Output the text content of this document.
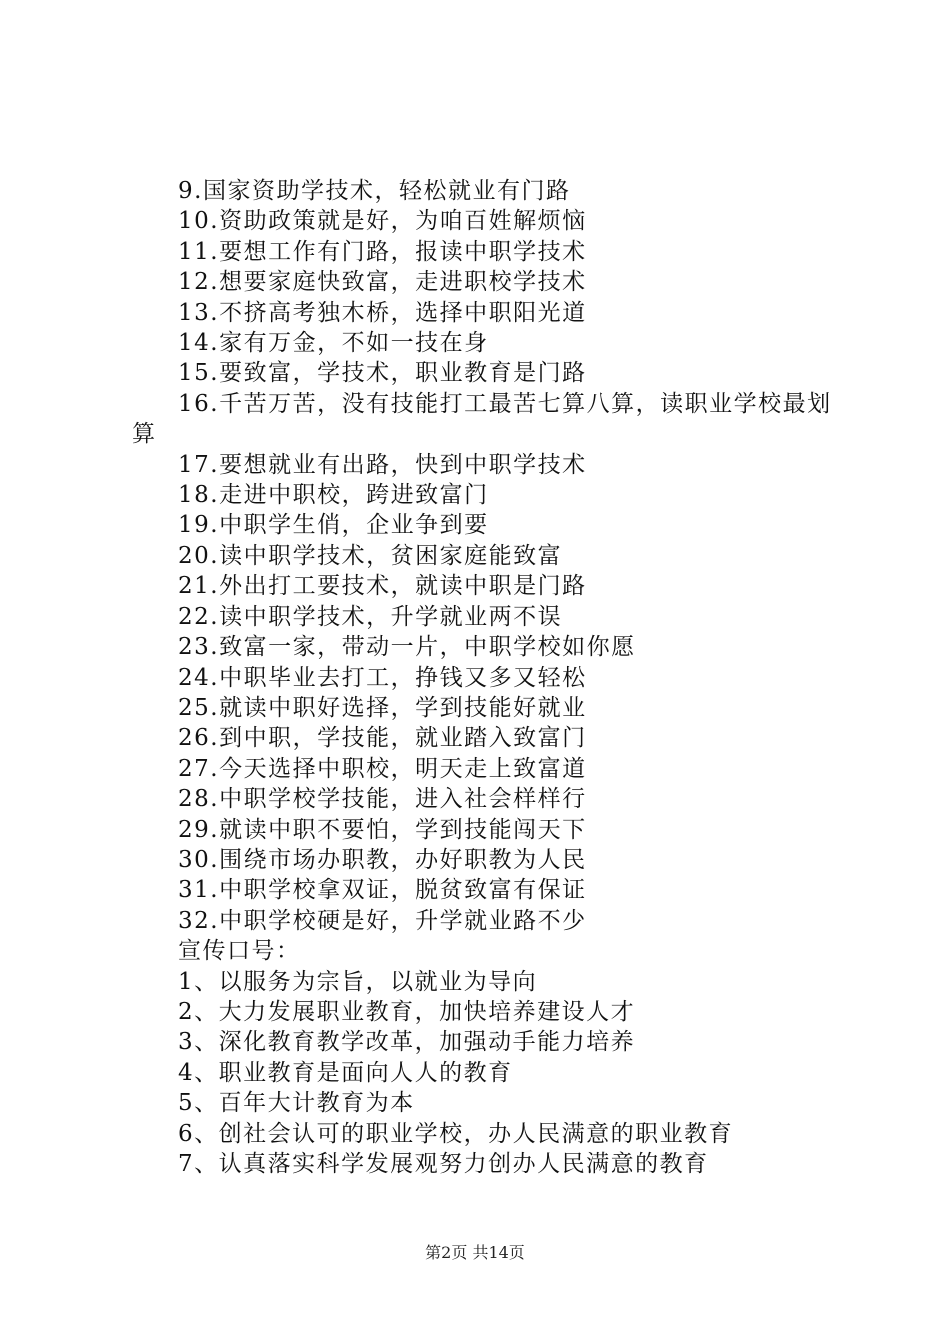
9.国家资助学技术，轻松就业有门路
10.资助政策就是好，为咱百姓解烦恼
11.要想工作有门路，报读中职学技术
12.想要家庭快致富，走进职校学技术
13.不挤高考独木桥，选择中职阳光道
14.家有万金，不如一技在身
15.要致富，学技术，职业教育是门路
16.千苦万苦，没有技能打工最苦七算八算，读职业学校最划算
17.要想就业有出路，快到中职学技术
18.走进中职校，跨进致富门
19.中职学生俏，企业争到要
20.读中职学技术，贫困家庭能致富
21.外出打工要技术，就读中职是门路
22.读中职学技术，升学就业两不误
23.致富一家，带动一片，中职学校如你愿
24.中职毕业去打工，挣钱又多又轻松
25.就读中职好选择，学到技能好就业
26.到中职，学技能，就业踏入致富门
27.今天选择中职校，明天走上致富道
28.中职学校学技能，进入社会样样行
29.就读中职不要怕，学到技能闯天下
30.围绕市场办职教，办好职教为人民
31.中职学校拿双证，脱贫致富有保证
32.中职学校硬是好，升学就业路不少
宣传口号：
1、以服务为宗旨，以就业为导向
2、大力发展职业教育，加快培养建设人才
3、深化教育教学改革，加强动手能力培养
4、职业教育是面向人人的教育
5、百年大计教育为本
6、创社会认可的职业学校，办人民满意的职业教育
7、认真落实科学发展观努力创办人民满意的教育
第2页 共14页
